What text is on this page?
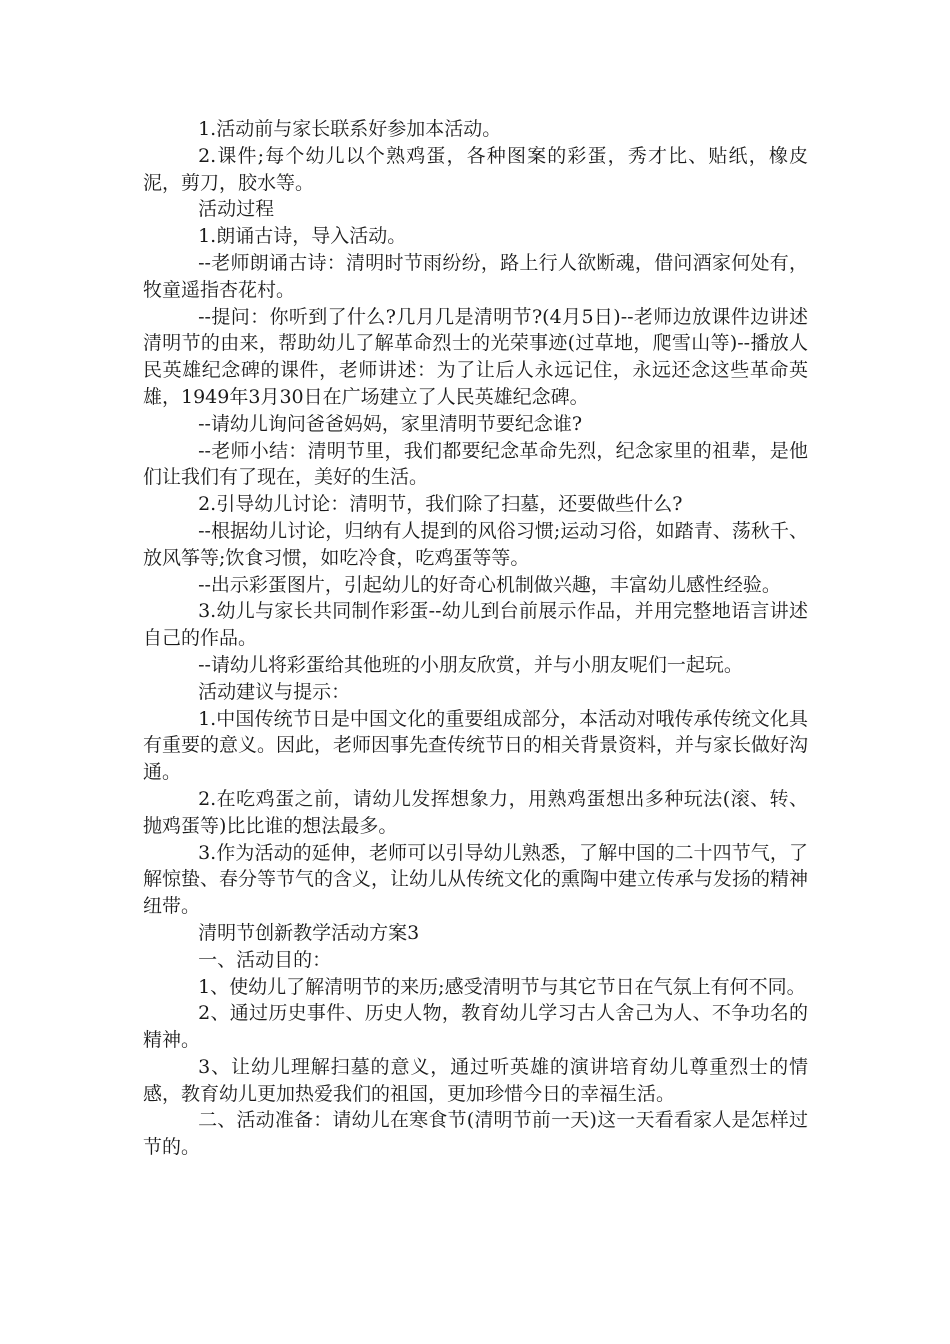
1.活动前与家长联系好参加本活动。

2.课件;每个幼儿以个熟鸡蛋，各种图案的彩蛋，秀才比、贴纸，橡皮泥，剪刀，胶水等。

活动过程

1.朗诵古诗，导入活动。

--老师朗诵古诗：清明时节雨纷纷，路上行人欲断魂，借问酒家何处有，牧童遥指杏花村。

--提问：你听到了什么?几月几是清明节?(4月5日)--老师边放课件边讲述清明节的由来，帮助幼儿了解革命烈士的光荣事迹(过草地，爬雪山等)--播放人民英雄纪念碑的课件，老师讲述：为了让后人永远记住，永远还念这些革命英雄，1949年3月30日在广场建立了人民英雄纪念碑。

--请幼儿询问爸爸妈妈，家里清明节要纪念谁?

--老师小结：清明节里，我们都要纪念革命先烈，纪念家里的祖辈，是他们让我们有了现在，美好的生活。

2.引导幼儿讨论：清明节，我们除了扫墓，还要做些什么?

--根据幼儿讨论，归纳有人提到的风俗习惯;运动习俗，如踏青、荡秋千、放风筝等;饮食习惯，如吃冷食，吃鸡蛋等等。

--出示彩蛋图片，引起幼儿的好奇心机制做兴趣，丰富幼儿感性经验。

3.幼儿与家长共同制作彩蛋--幼儿到台前展示作品，并用完整地语言讲述自己的作品。

--请幼儿将彩蛋给其他班的小朋友欣赏，并与小朋友呢们一起玩。

活动建议与提示：

1.中国传统节日是中国文化的重要组成部分，本活动对哦传承传统文化具有重要的意义。因此，老师因事先查传统节日的相关背景资料，并与家长做好沟通。

2.在吃鸡蛋之前，请幼儿发挥想象力，用熟鸡蛋想出多种玩法(滚、转、抛鸡蛋等)比比谁的想法最多。

3.作为活动的延伸，老师可以引导幼儿熟悉，了解中国的二十四节气，了解惊蛰、春分等节气的含义，让幼儿从传统文化的熏陶中建立传承与发扬的精神纽带。

清明节创新教学活动方案3

一、活动目的：

1、使幼儿了解清明节的来历;感受清明节与其它节日在气氛上有何不同。

2、通过历史事件、历史人物，教育幼儿学习古人舍己为人、不争功名的精神。

3、让幼儿理解扫墓的意义，通过听英雄的演讲培育幼儿尊重烈士的情感，教育幼儿更加热爱我们的祖国，更加珍惜今日的幸福生活。

二、活动准备：请幼儿在寒食节(清明节前一天)这一天看看家人是怎样过节的。
